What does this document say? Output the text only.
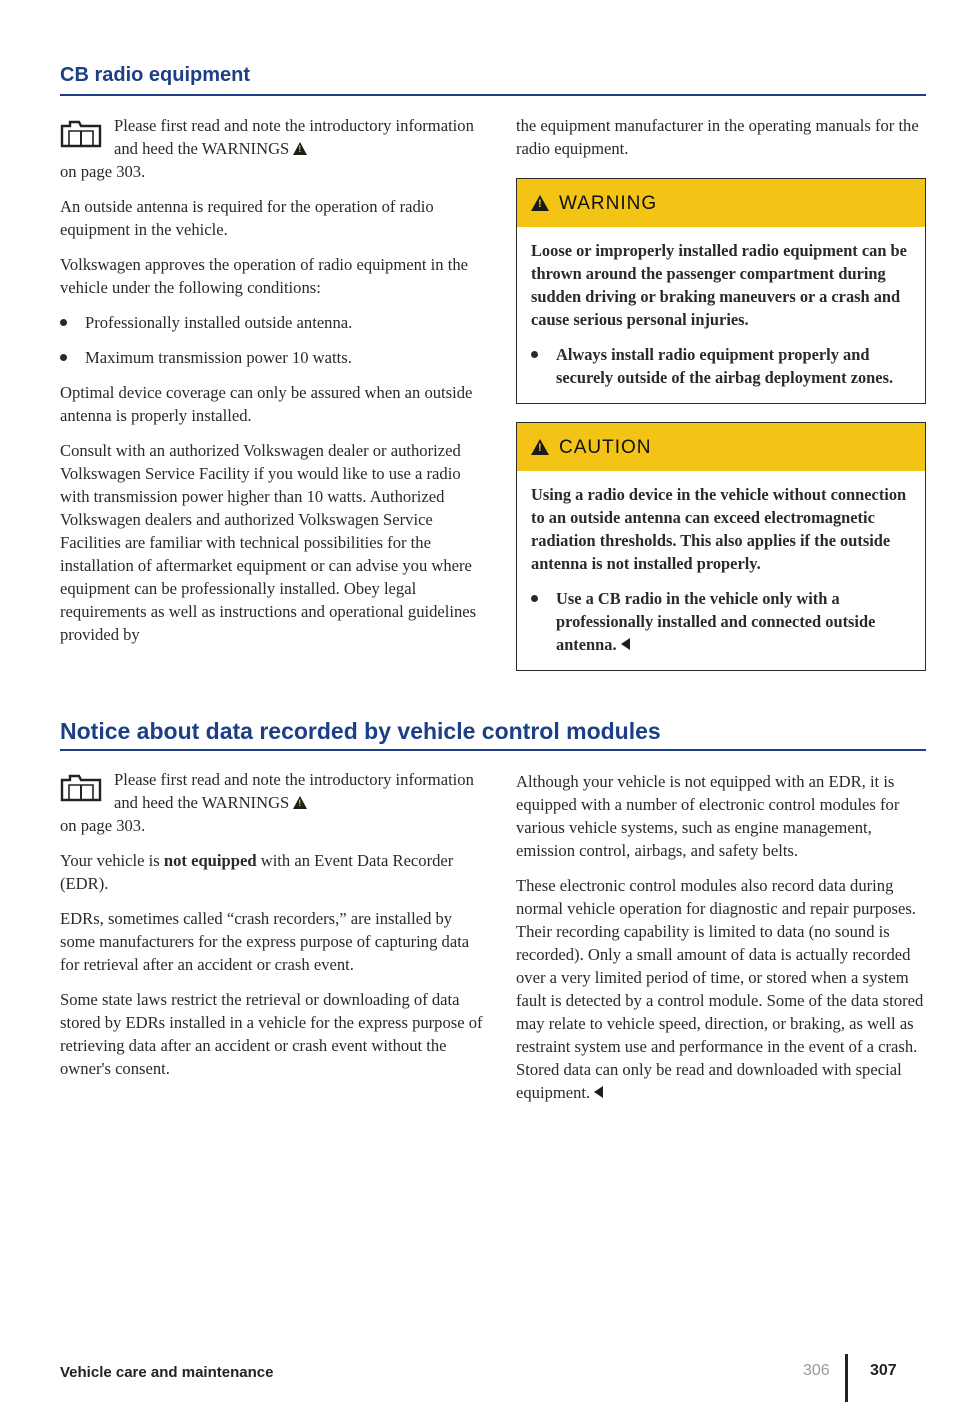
CB radio equipment
Please first read and note the introductory information and heed the WARNINGS!
on page 303.

An outside antenna is required for the operation of radio equipment in the vehicle.

Volkswagen approves the operation of radio equipment in the vehicle under the following conditions:

Professionally installed outside antenna.
Maximum transmission power 10 watts.

Optimal device coverage can only be assured when an outside antenna is properly installed.

Consult with an authorized Volkswagen dealer or authorized Volkswagen Service Facility if you would like to use a radio with transmission power higher than 10 watts. Authorized Volkswagen dealers and authorized Volkswagen Service Facilities are familiar with technical possibilities for the installation of aftermarket equipment or can advise you where equipment can be professionally installed. Obey legal requirements as well as instructions and operational guidelines provided by

the equipment manufacturer in the operating manuals for the radio equipment.

!
WARNING

Loose or improperly installed radio equipment can be thrown around the passenger compartment during sudden driving or braking maneuvers or a crash and cause serious personal injuries.

Always install radio equipment properly and securely outside of the airbag deployment zones.
!
CAUTION

Using a radio device in the vehicle without connection to an outside antenna can exceed electromagnetic radiation thresholds. This also applies if the outside antenna is not installed properly.

Use a CB radio in the vehicle only with a professionally installed and connected outside antenna.
Notice about data recorded by vehicle control modules
Please first read and note the introductory information and heed the WARNINGS!
on page 303.

Your vehicle is not equipped with an Event Data Recorder (EDR).

EDRs, sometimes called “crash recorders,” are installed by some manufacturers for the express purpose of capturing data for retrieval after an accident or crash event.

Some state laws restrict the retrieval or downloading of data stored by EDRs installed in a vehicle for the express purpose of retrieving data after an accident or crash event without the owner's consent.

Although your vehicle is not equipped with an EDR, it is equipped with a number of electronic control modules for various vehicle systems, such as engine management, emission control, airbags, and safety belts.

These electronic control modules also record data during normal vehicle operation for diagnostic and repair purposes. Their recording capability is limited to data (no sound is recorded). Only a small amount of data is actually recorded over a very limited period of time, or stored when a system fault is detected by a control module. Some of the data stored may relate to vehicle speed, direction, or braking, as well as restraint system use and performance in the event of a crash. Stored data can only be read and downloaded with special equipment.

Vehicle care and maintenance	306	307
